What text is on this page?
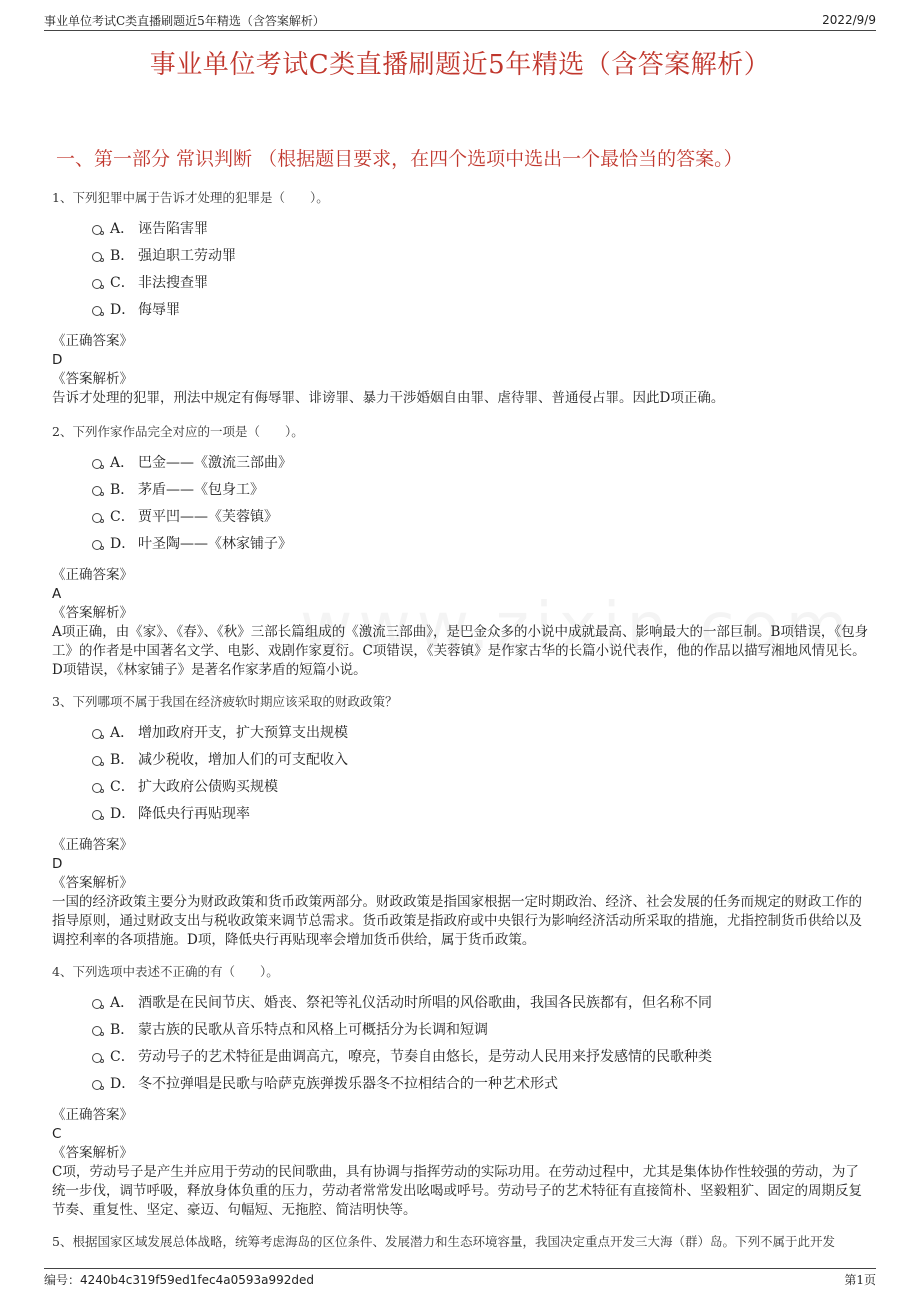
事业单位考试C类直播刷题近5年精选（含答案解析）	2022/9/9
事业单位考试C类直播刷题近5年精选（含答案解析）
一、第一部分 常识判断 （根据题目要求，在四个选项中选出一个最恰当的答案。）
1、下列犯罪中属于告诉才处理的犯罪是（　　）。
A． 诬告陷害罪
B． 强迫职工劳动罪
C． 非法搜查罪
D． 侮辱罪
《正确答案》
D
《答案解析》
告诉才处理的犯罪，刑法中规定有侮辱罪、诽谤罪、暴力干涉婚姻自由罪、虐待罪、普通侵占罪。因此D项正确。
2、下列作家作品完全对应的一项是（　　）。
A． 巴金——《激流三部曲》
B． 茅盾——《包身工》
C． 贾平凹——《芙蓉镇》
D． 叶圣陶——《林家铺子》
《正确答案》
A
《答案解析》
A项正确，由《家》、《春》、《秋》三部长篇组成的《激流三部曲》，是巴金众多的小说中成就最高、影响最大的一部巨制。B项错误，《包身工》的作者是中国著名文学、电影、戏剧作家夏衍。C项错误，《芙蓉镇》是作家古华的长篇小说代表作，他的作品以描写湘地风情见长。D项错误，《林家铺子》是著名作家茅盾的短篇小说。
3、下列哪项不属于我国在经济疲软时期应该采取的财政政策？
A． 增加政府开支，扩大预算支出规模
B． 减少税收，增加人们的可支配收入
C． 扩大政府公债购买规模
D． 降低央行再贴现率
《正确答案》
D
《答案解析》
一国的经济政策主要分为财政政策和货币政策两部分。财政政策是指国家根据一定时期政治、经济、社会发展的任务而规定的财政工作的指导原则，通过财政支出与税收政策来调节总需求。货币政策是指政府或中央银行为影响经济活动所采取的措施，尤指控制货币供给以及调控利率的各项措施。D项，降低央行再贴现率会增加货币供给，属于货币政策。
4、下列选项中表述不正确的有（　　）。
A． 酒歌是在民间节庆、婚丧、祭祀等礼仪活动时所唱的风俗歌曲，我国各民族都有，但名称不同
B． 蒙古族的民歌从音乐特点和风格上可概括分为长调和短调
C． 劳动号子的艺术特征是曲调高亢，嘹亮，节奏自由悠长，是劳动人民用来抒发感情的民歌种类
D． 冬不拉弹唱是民歌与哈萨克族弹拨乐器冬不拉相结合的一种艺术形式
《正确答案》
C
《答案解析》
C项，劳动号子是产生并应用于劳动的民间歌曲，具有协调与指挥劳动的实际功用。在劳动过程中，尤其是集体协作性较强的劳动，为了统一步伐，调节呼吸，释放身体负重的压力，劳动者常常发出吆喝或呼号。劳动号子的艺术特征有直接简朴、坚毅粗犷、固定的周期反复节奏、重复性、坚定、豪迈、句幅短、无拖腔、简洁明快等。
5、根据国家区域发展总体战略，统筹考虑海岛的区位条件、发展潜力和生态环境容量，我国决定重点开发三大海（群）岛。下列不属于此开发
编号：4240b4c319f59ed1fec4a0593a992ded	第1页
